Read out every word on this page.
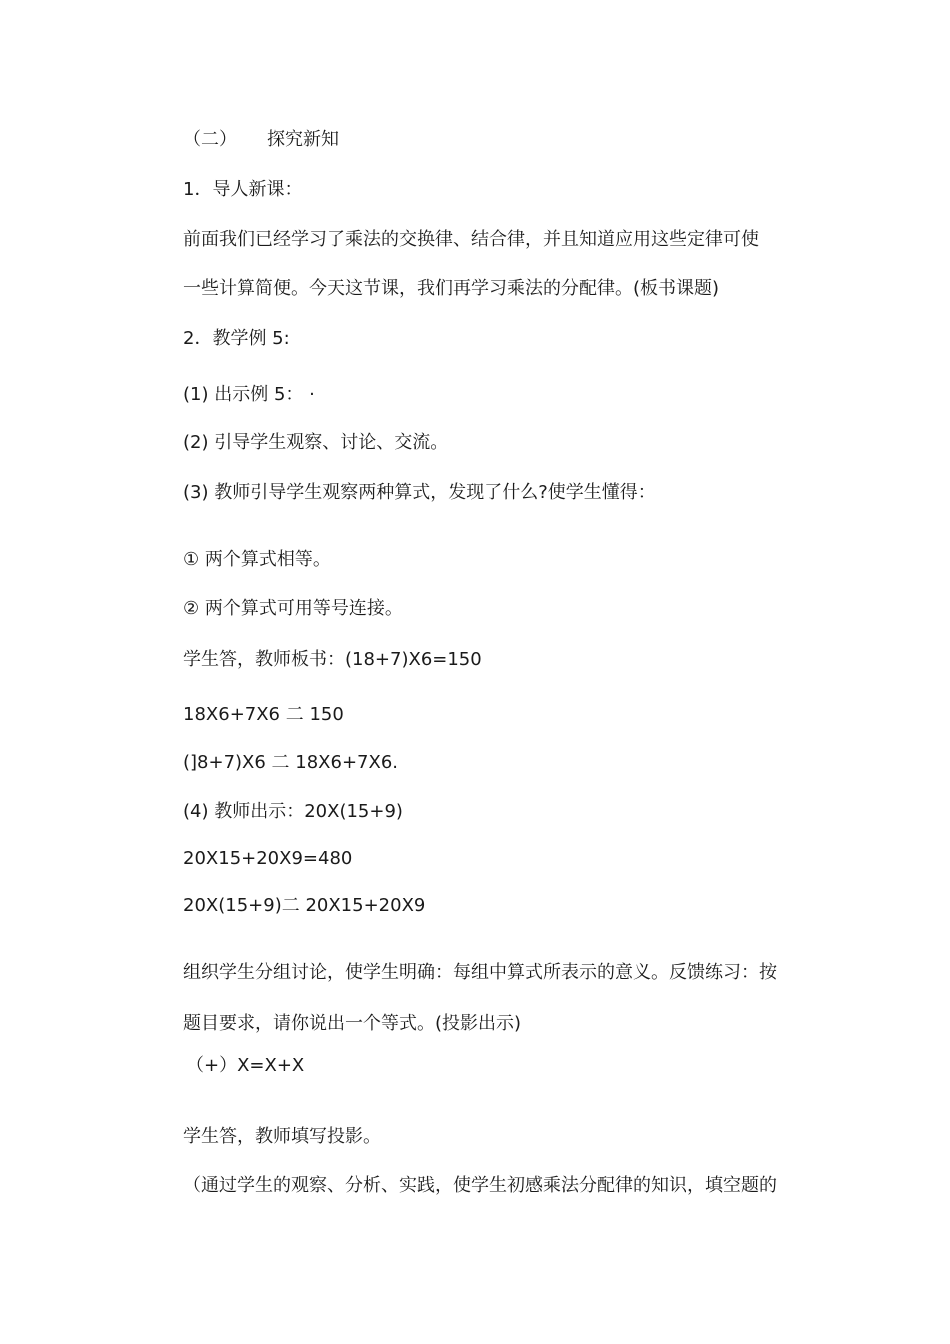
（二） 探究新知
1．导人新课：
前面我们已经学习了乘法的交换律、结合律，并且知道应用这些定律可使
一些计算简便。今天这节课，我们再学习乘法的分配律。(板书课题)
2．教学例 5:
(1) 出示例 5： ·
(2) 引导学生观察、讨论、交流。
(3) 教师引导学生观察两种算式，发现了什么?使学生懂得：
① 两个算式相等。
② 两个算式可用等号连接。
学生答，教师板书：(18+7)X6=150
18X6+7X6 二 150
(]8+7)X6 二 18X6+7X6.
(4) 教师出示：20X(15+9)
20X15+20X9=480
20X(15+9)二 20X15+20X9
组织学生分组讨论，使学生明确：每组中算式所表示的意义。反馈练习：按
题目要求，请你说出一个等式。(投影出示)
（+）X=X+X
学生答，教师填写投影。
（通过学生的观察、分析、实践，使学生初感乘法分配律的知识，填空题的
